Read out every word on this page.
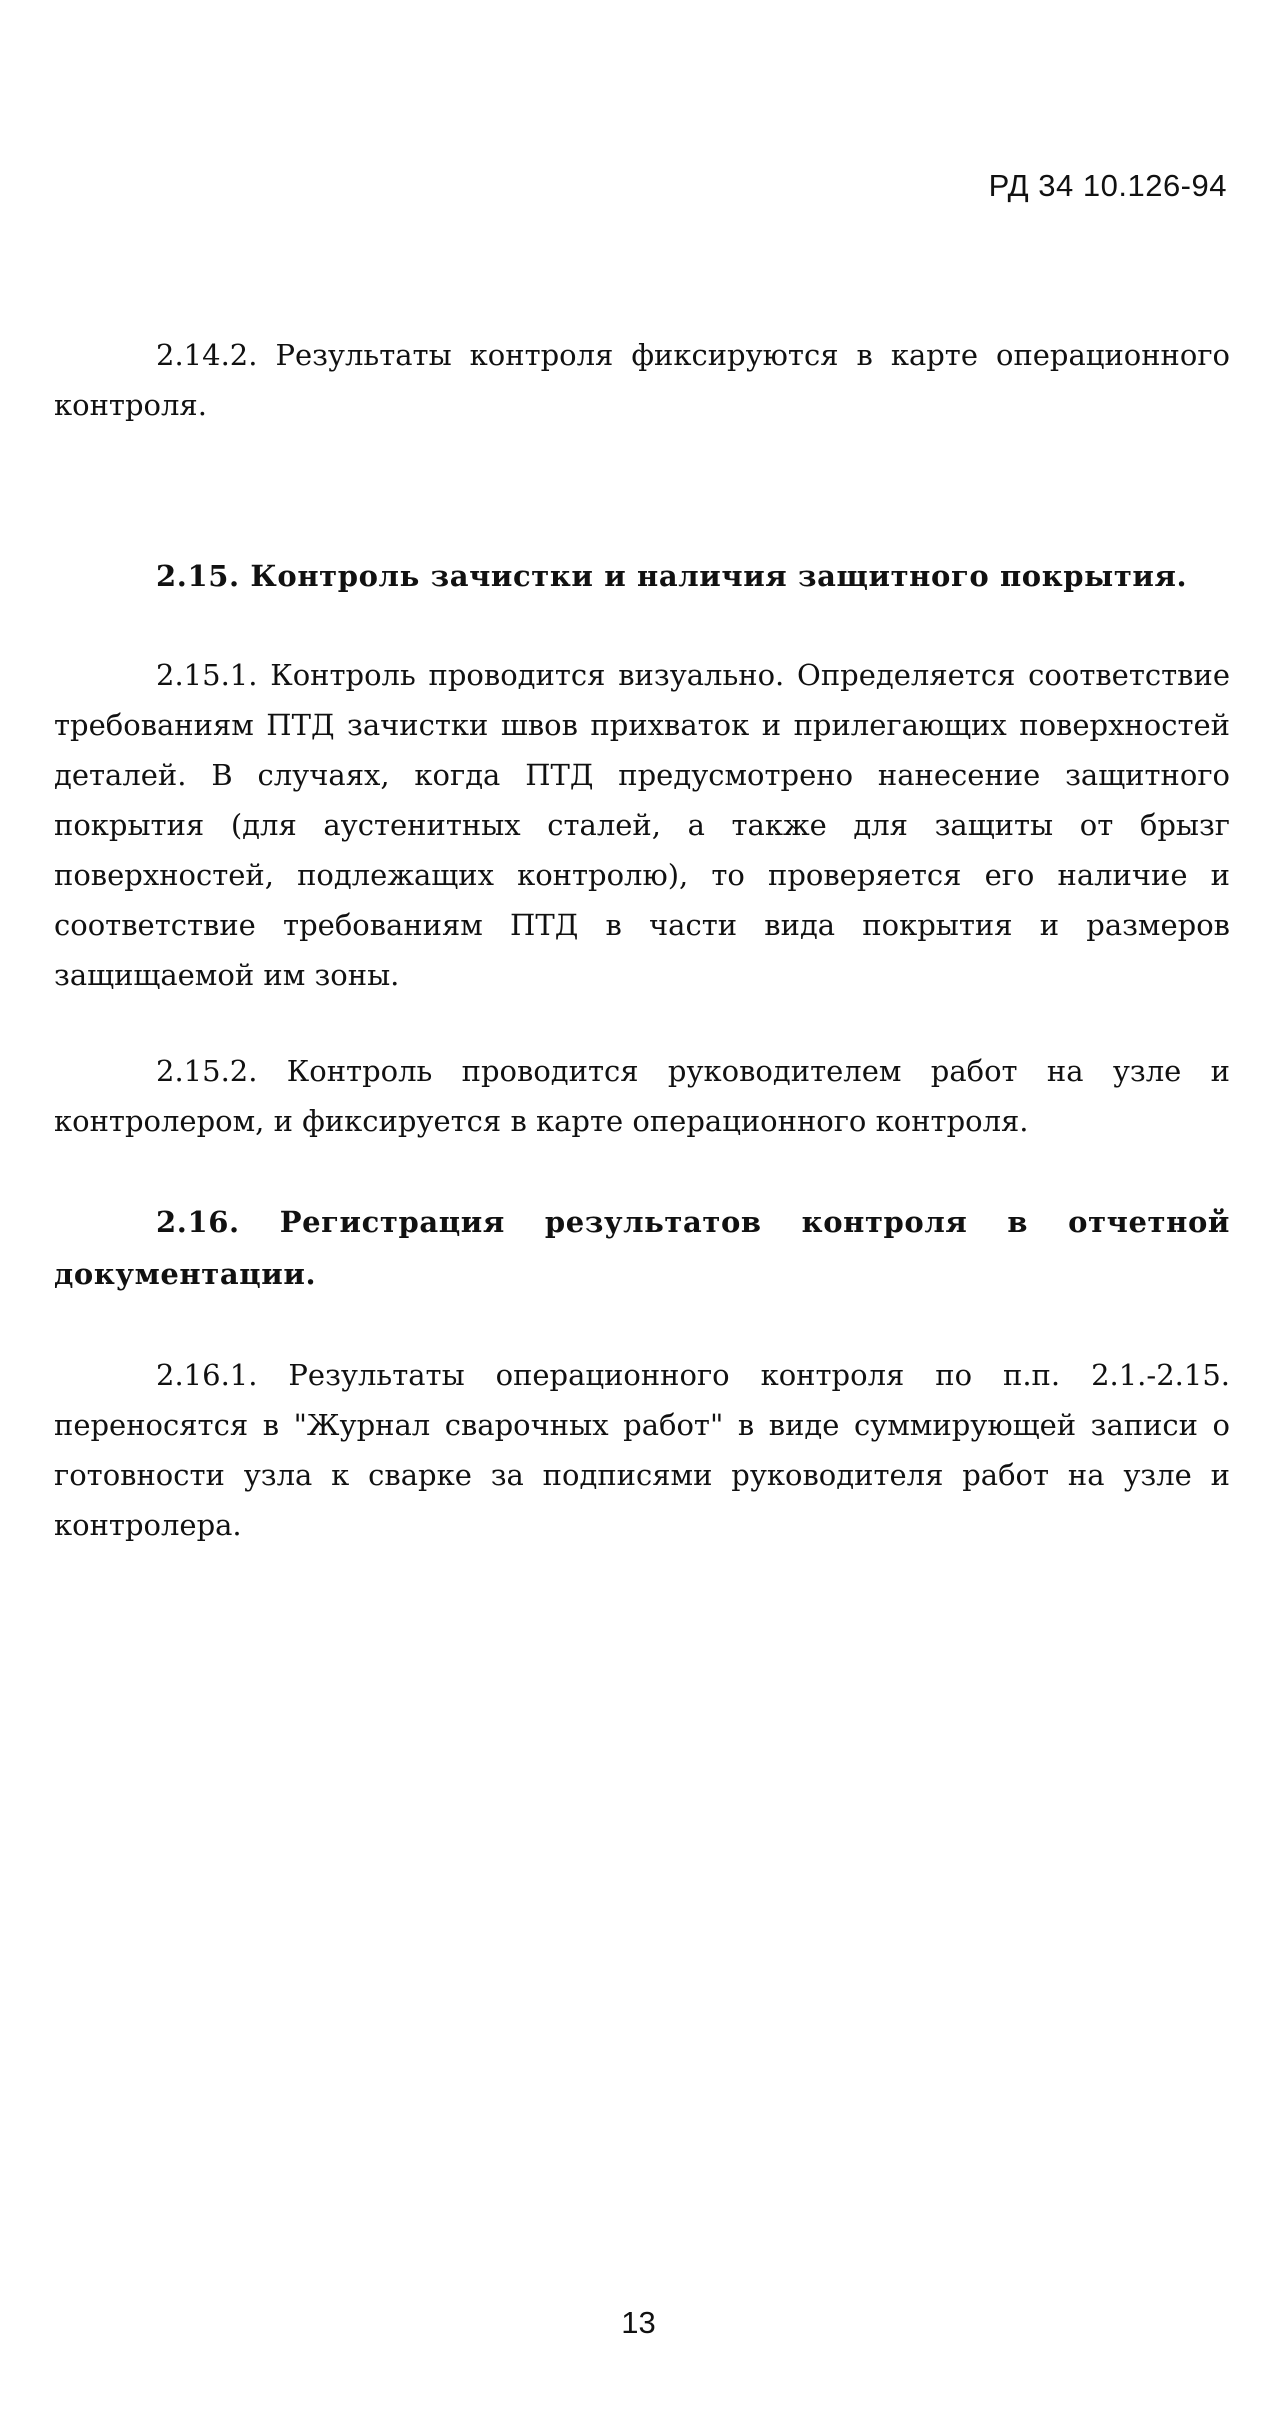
РД 34 10.126-94

2.14.2. Результаты контроля фиксируются в карте операционного контроля.

2.15. Контроль зачистки и наличия защитного покрытия.

2.15.1. Контроль проводится визуально. Определяется соответствие требованиям ПТД зачистки швов прихваток и прилегающих поверхностей деталей. В случаях, когда ПТД предусмотрено нанесение защитного покрытия (для аустенитных сталей, а также для защиты от брызг поверхностей, подлежащих контролю), то проверяется его наличие и соответствие требованиям ПТД в части вида покрытия и размеров защищаемой им зоны.

2.15.2. Контроль проводится руководителем работ на узле и контролером, и фиксируется в карте операционного контроля.

2.16. Регистрация результатов контроля в отчетной документации.

2.16.1. Результаты операционного контроля по п.п. 2.1.-2.15. переносятся в "Журнал сварочных работ" в виде суммирующей записи о готовности узла к сварке за подписями руководителя работ на узле и контролера.

13
